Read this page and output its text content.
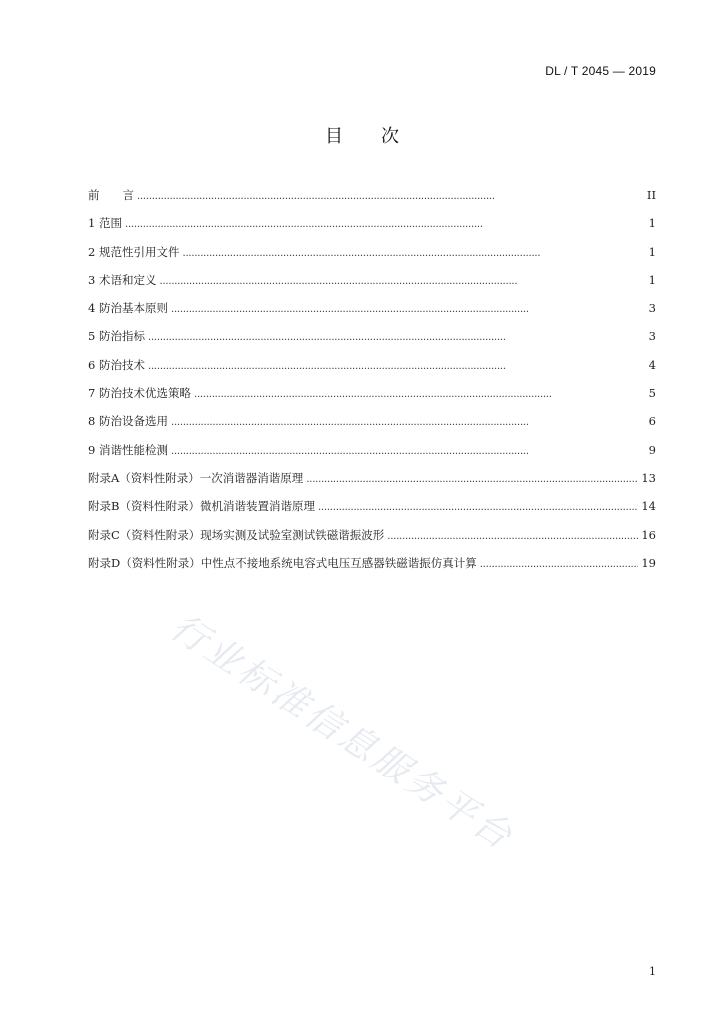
DL / T 2045 — 2019
目 次
前　　言 . . .	II
1 范围 . . .	1
2 规范性引用文件 . . .	1
3 术语和定义 . . .	1
4 防治基本原则 . . .	3
5 防治指标 . . .	3
6 防治技术 . . .	4
7 防治技术优选策略 . . .	5
8 防治设备选用 . . .	6
9 消谐性能检测 . . .	9
附录A（资料性附录）一次消谐器消谐原理 . . .	13
附录B（资料性附录）微机消谐装置消谐原理 . . .	14
附录C（资料性附录）现场实测及试验室测试铁磁谐振波形 . . .	16
附录D（资料性附录）中性点不接地系统电容式电压互感器铁磁谐振仿真计算 . . .	19
行业标准信息服务平台
1
